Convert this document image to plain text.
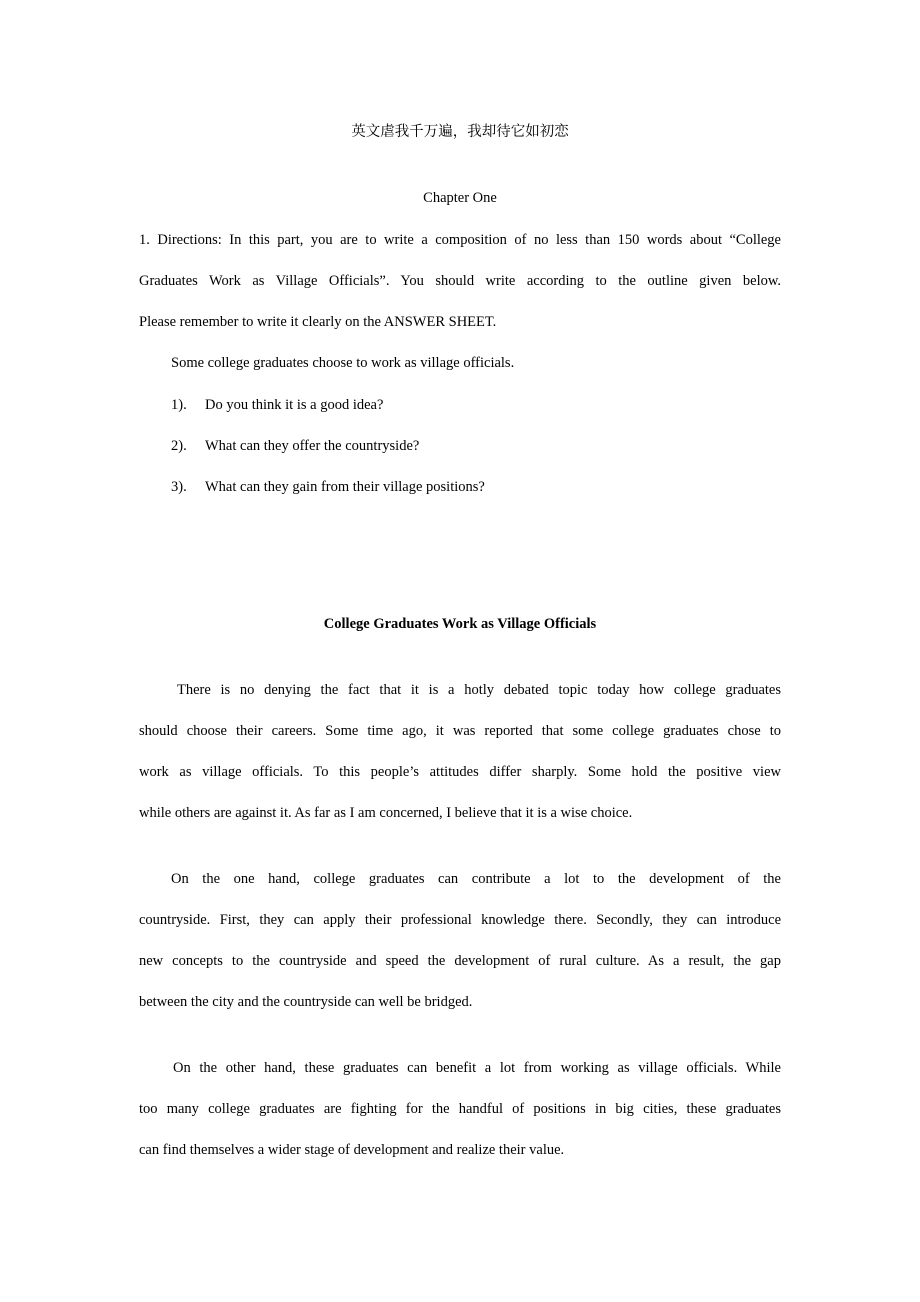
英文虐我千万遍，我却待它如初恋
Chapter One
1. Directions: In this part, you are to write a composition of no less than 150 words about “College
Graduates Work as Village Officials”. You should write according to the outline given below.
Please remember to write it clearly on the ANSWER SHEET.
Some college graduates choose to work as village officials.
1). Do you think it is a good idea?
2). What can they offer the countryside?
3). What can they gain from their village positions?
College Graduates Work as Village Officials
There is no denying the fact that it is a hotly debated topic today how college graduates
should choose their careers. Some time ago, it was reported that some college graduates chose to
work as village officials. To this people’s attitudes differ sharply. Some hold the positive view
while others are against it. As far as I am concerned, I believe that it is a wise choice.
On the one hand, college graduates can contribute a lot to the development of the
countryside. First, they can apply their professional knowledge there. Secondly, they can introduce
new concepts to the countryside and speed the development of rural culture. As a result, the gap
between the city and the countryside can well be bridged.
On the other hand, these graduates can benefit a lot from working as village officials. While
too many college graduates are fighting for the handful of positions in big cities, these graduates
can find themselves a wider stage of development and realize their value.
